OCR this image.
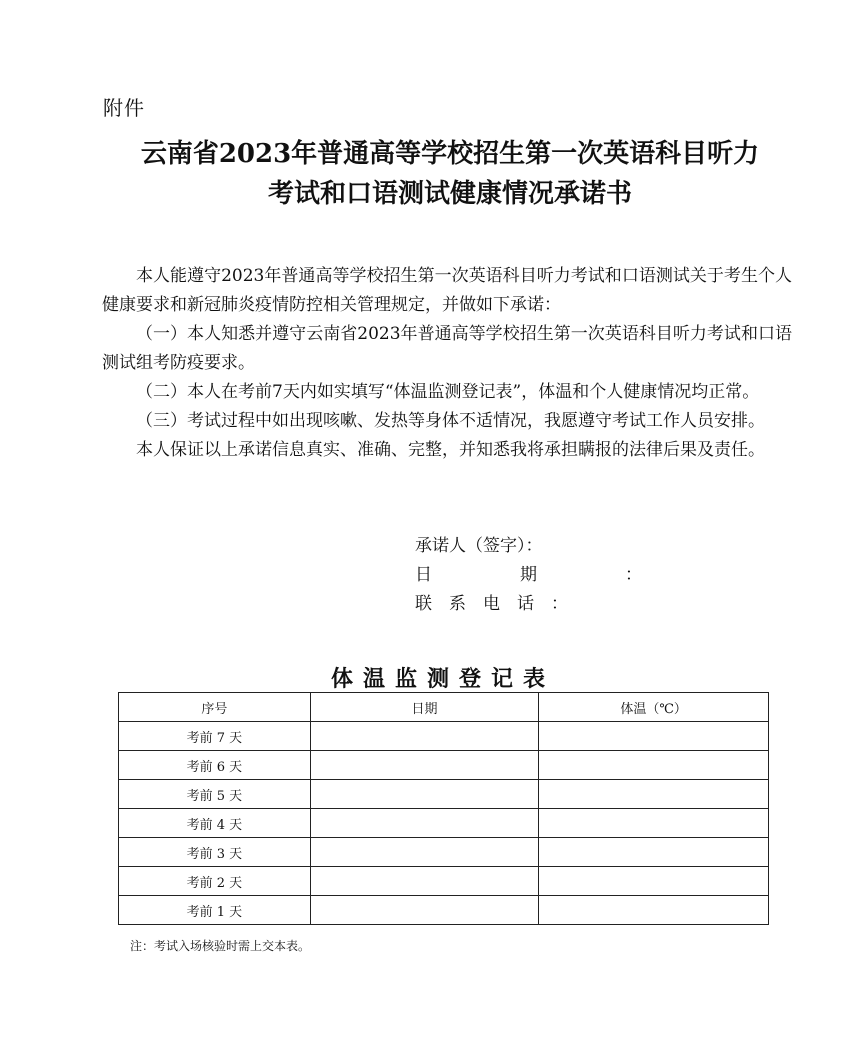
附件
云南省2023年普通高等学校招生第一次英语科目听力
考试和口语测试健康情况承诺书

本人能遵守2023年普通高等学校招生第一次英语科目听力考试和口语测试关于考生个人健康要求和新冠肺炎疫情防控相关管理规定，并做如下承诺：

（一）本人知悉并遵守云南省2023年普通高等学校招生第一次英语科目听力考试和口语测试组考防疫要求。

（二）本人在考前7天内如实填写“体温监测登记表”，体温和个人健康情况均正常。

（三）考试过程中如出现咳嗽、发热等身体不适情况，我愿遵守考试工作人员安排。

本人保证以上承诺信息真实、准确、完整，并知悉我将承担瞒报的法律后果及责任。

承诺人（签字）：
日期：
联系电话：
体温监测登记表
序号	日期	体温（℃）
考前 7 天		
考前 6 天		
考前 5 天		
考前 4 天		
考前 3 天		
考前 2 天		
考前 1 天		
注：考试入场核验时需上交本表。
